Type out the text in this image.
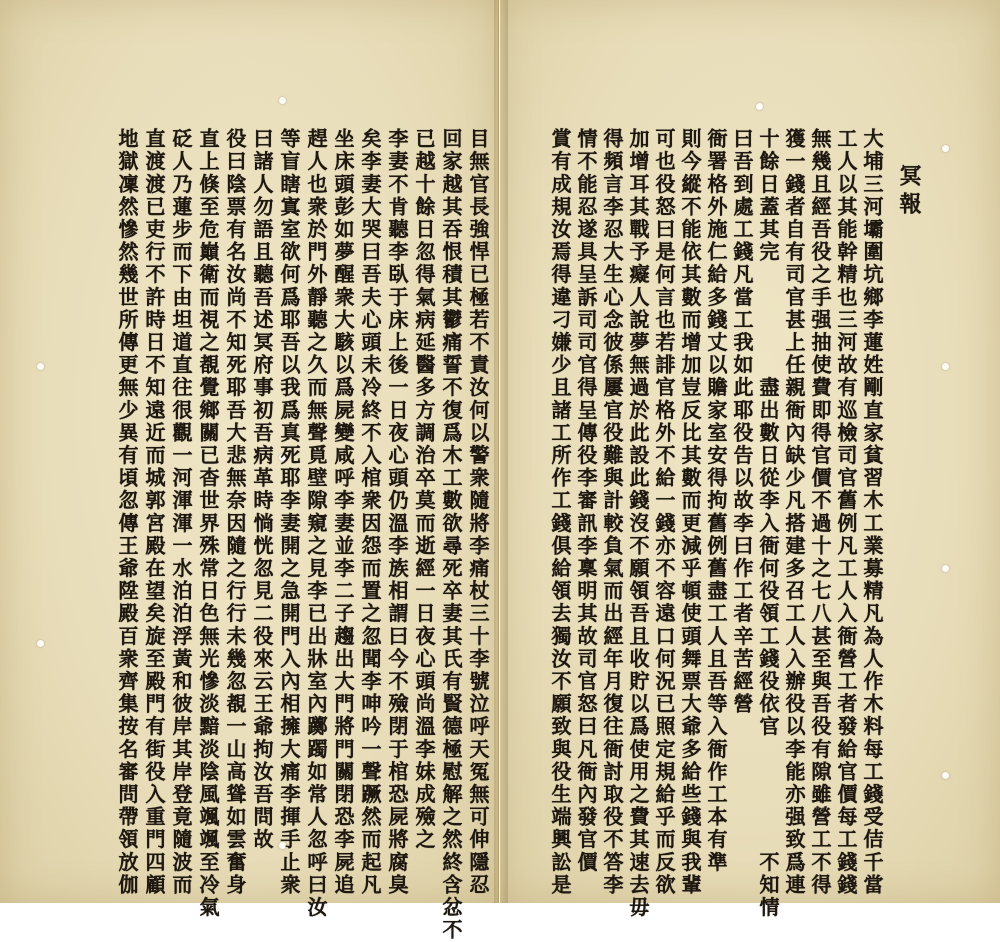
冥報
大埔三河壩圍坑鄉李蓮姓剛直家貧習木工業募精凡為人作木料每工錢受佶千當
工人以其能幹精也三河故有巡檢司官舊例凡工人入衙營工者發給官價每工錢錢
無幾且經吾役之手强抽使費即得官價不過十之七八甚至與吾役有隙雖營工不得
獲一錢者自有司官甚上任親衙內缺少凡搭建多召工人入辦役以李能亦强致爲連
十餘日蓋其完　　　　　盡出數日從李入衙何役領工錢役依官　　　　　不知情
曰吾到處工錢凡當工我如此耶役告以故李曰作工者辛苦經營
衙署格外施仁給多錢丈以贍家室安得拘舊例舊盡工人且吾等入衙作工本有準
則今縱不能依其數而增加豈反比其數而更減乎頓使頭舞票大爺多給些錢與我輩
可也役怒曰是何言也若誹官格外不給一錢亦不容遠口何況已照定規給乎而反欲
加增耳其戰予癡人說夢無過於此設此錢沒不願領吾且收貯以爲使用之費其速去毋
得頻言李忍大生心念彼係屢官役難與計較負氣而出經年月復往衙討取役不答李
情不能忍遂具呈訴司司官得呈傳役李審訊李稟明其故司官怒曰凡衙內發官價
賞有成規汝焉得違刁嫌少且諸工所作工錢俱給領去獨汝不願致與役生端興訟是
目無官長強悍已極若不責汝何以警衆隨將李痛杖三十李號泣呼天冤無可伸隱忍
回家越其吞恨積其鬱痛誓不復爲木工數欲尋死卒妻其氏有賢德極慰解之然終含忿不
已越十餘日忽得氣病延醫多方調治卒莫而逝經一日夜心頭尚溫李妹成殮之
李妻不肯聽李臥于床上後一日夜心頭仍溫李族相謂曰今不殮閉于棺恐屍將腐臭
矣李妻大哭曰吾夫心頭未冷終不入棺衆因怨而置之忽聞李呻吟一聲蹶然而起凡
坐床頭彭如夢醒衆大駭以爲屍變咸呼李妻並李二子趨出大門將門關閉恐李屍追
趕人也衆於門外靜聽之久而無聲覓壁隙窺之見李已出牀室內躑躅如常人忽呼曰汝
等盲瞎寘室欲何爲耶吾以我爲真死耶李妻開之急開門入內相擁大痛李揮手止衆
曰諸人勿語且聽吾述冥府事初吾病革時惝恍忽見二役來云王爺拘汝吾問故
役曰陰票有名汝尚不知死耶吾大悲無奈因隨之行行未幾忽覩一山高聳如雲奮身
直上倏至危巔衛而視之覩覺鄉關已杳世界殊常日色無光慘淡黯淡陰風颯颯至冷氣
砭人乃蓮步而下由坦道直往很觀一河渾渾一水泊泊浮黃和彼岸其岸登竟隨波而
直渡渡已吏行不許時日不知遠近而城郭宮殿在望矣旋至殿門有街役入重門四顧
地獄凜然慘然幾世所傳更無少異有頃忽傳王爺陞殿百衆齊集按名審問帶領放伽
